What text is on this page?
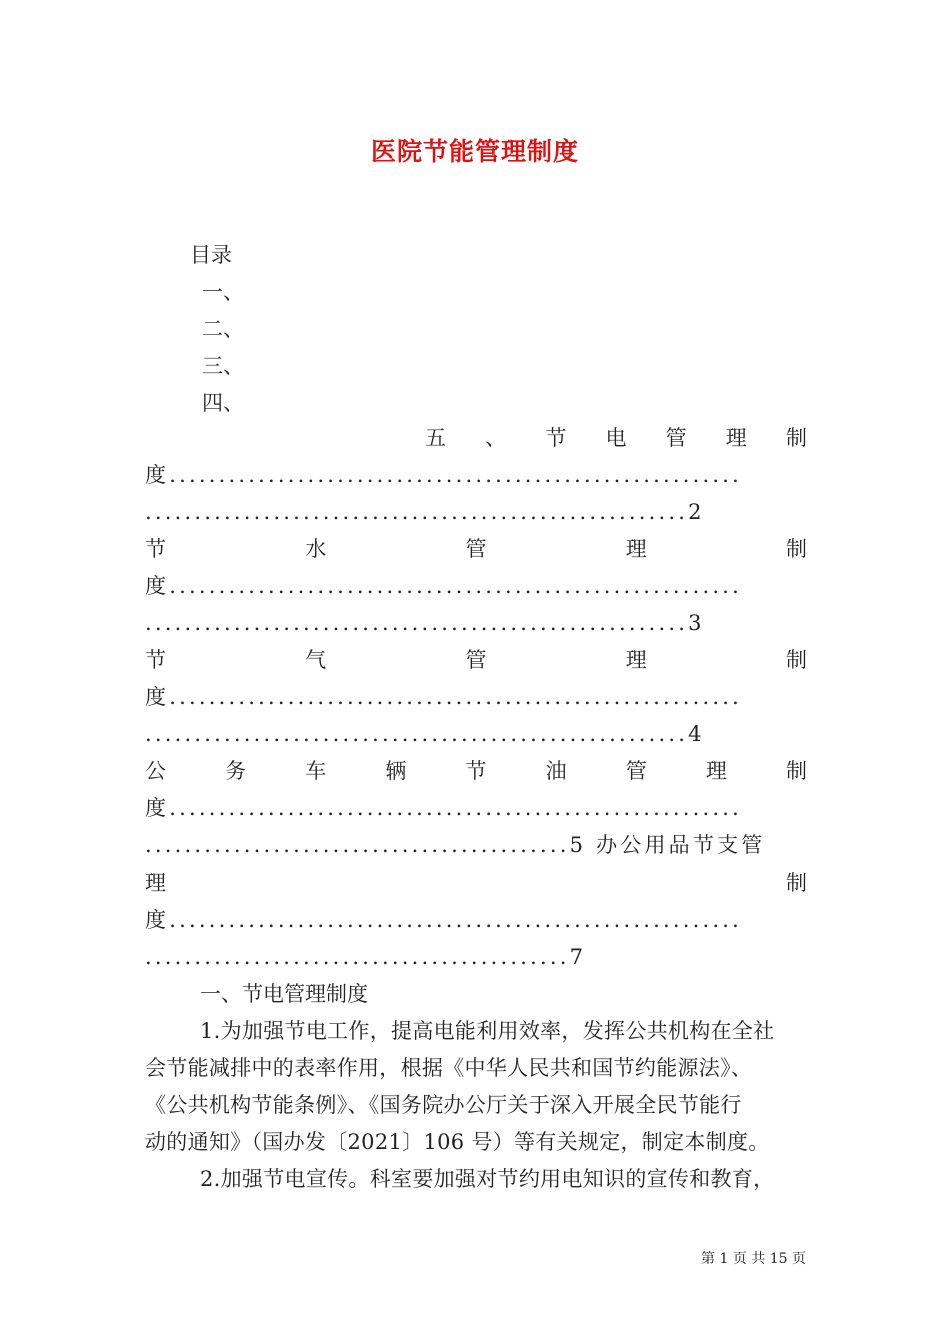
医院节能管理制度
目录
一、
二、
三、
四、
五 、 节 电 管 理 制
度..........................................................
.......................................................2
节	水	管	理	制
度..........................................................
.......................................................3
节	气	管	理	制
度..........................................................
.......................................................4
公	务	车	辆	节	油	管	理	制
度..........................................................
...........................................5 办公用品节支管
理	制
度..........................................................
...........................................7
一、节电管理制度
1.为加强节电工作，提高电能利用效率，发挥公共机构在全社
会节能减排中的表率作用，根据《中华人民共和国节约能源法》、
《公共机构节能条例》、《国务院办公厅关于深入开展全民节能行
动的通知》（国办发〔2021〕106 号）等有关规定，制定本制度。
2.加强节电宣传。科室要加强对节约用电知识的宣传和教育，
第 1 页 共 15 页
